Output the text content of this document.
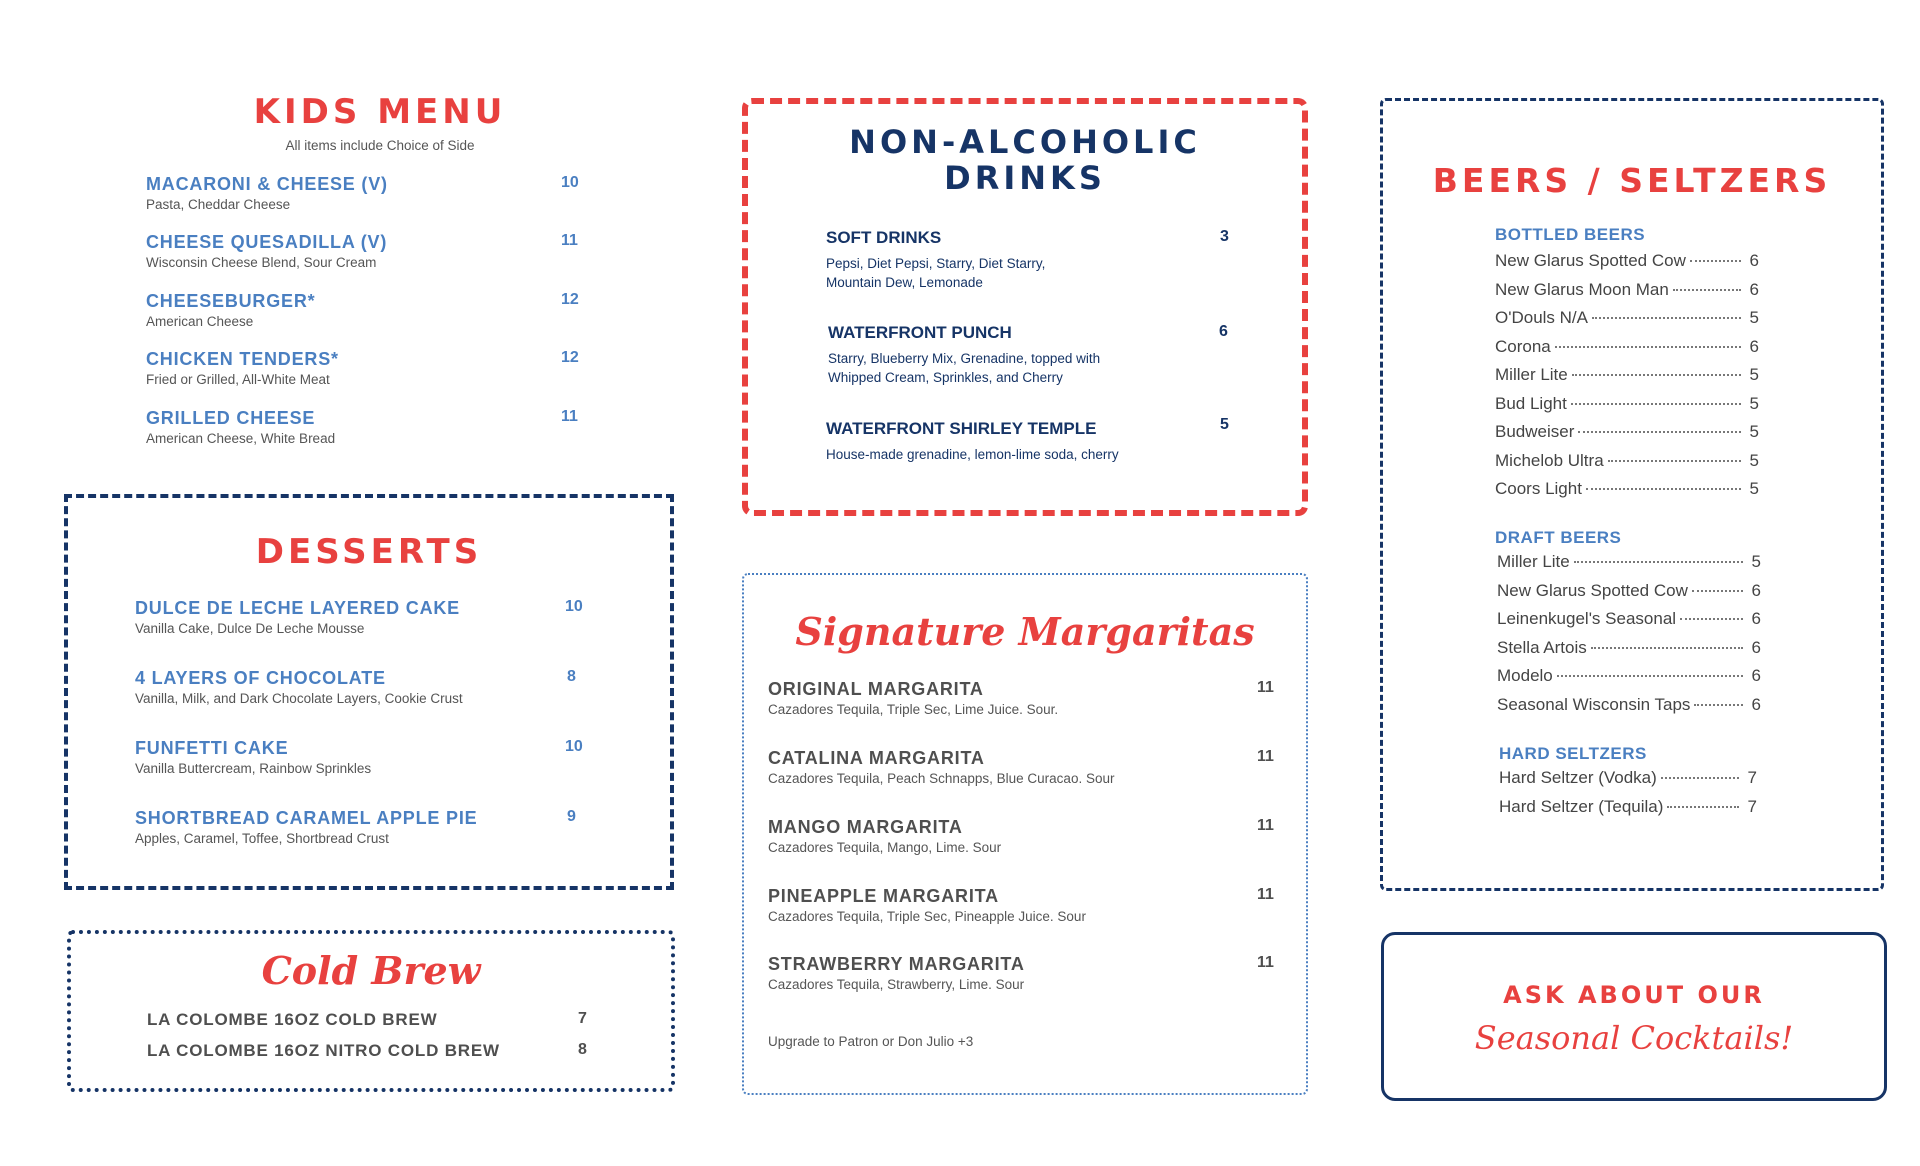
KIDS MENU
All items include Choice of Side
MACARONI & CHEESE (V)
Pasta, Cheddar Cheese
10
CHEESE QUESADILLA (V)
Wisconsin Cheese Blend, Sour Cream
11
CHEESEBURGER*
American Cheese
12
CHICKEN TENDERS*
Fried or Grilled, All-White Meat
12
GRILLED CHEESE
American Cheese, White Bread
11
DESSERTS
DULCE DE LECHE LAYERED CAKE
Vanilla Cake, Dulce De Leche Mousse
10
4 LAYERS OF CHOCOLATE
Vanilla, Milk, and Dark Chocolate Layers, Cookie Crust
8
FUNFETTI CAKE
Vanilla Buttercream, Rainbow Sprinkles
10
SHORTBREAD CARAMEL APPLE PIE
Apples, Caramel, Toffee, Shortbread Crust
9
Cold Brew
LA COLOMBE 16OZ COLD BREW	7
LA COLOMBE 16OZ NITRO COLD BREW	8
NON-ALCOHOLIC
DRINKS
SOFT DRINKS
Pepsi, Diet Pepsi, Starry, Diet Starry,
Mountain Dew, Lemonade
3
WATERFRONT PUNCH
Starry, Blueberry Mix, Grenadine, topped with
Whipped Cream, Sprinkles, and Cherry
6
WATERFRONT SHIRLEY TEMPLE
House-made grenadine, lemon-lime soda, cherry
5
Signature Margaritas
ORIGINAL MARGARITA
Cazadores Tequila, Triple Sec, Lime Juice. Sour.
11
CATALINA MARGARITA
Cazadores Tequila, Peach Schnapps, Blue Curacao. Sour
11
MANGO MARGARITA
Cazadores Tequila, Mango, Lime. Sour
11
PINEAPPLE MARGARITA
Cazadores Tequila, Triple Sec, Pineapple Juice. Sour
11
STRAWBERRY MARGARITA
Cazadores Tequila, Strawberry, Lime. Sour
11
Upgrade to Patron or Don Julio +3
BEERS / SELTZERS
BOTTLED BEERS
New Glarus Spotted Cow	6
New Glarus Moon Man	6
O'Douls N/A	5
Corona	6
Miller Lite	5
Bud Light	5
Budweiser	5
Michelob Ultra	5
Coors Light	5
DRAFT BEERS
Miller Lite	5
New Glarus Spotted Cow	6
Leinenkugel's Seasonal	6
Stella Artois	6
Modelo	6
Seasonal Wisconsin Taps	6
HARD SELTZERS
Hard Seltzer (Vodka)	7
Hard Seltzer (Tequila)	7
ASK ABOUT OUR
Seasonal Cocktails!
